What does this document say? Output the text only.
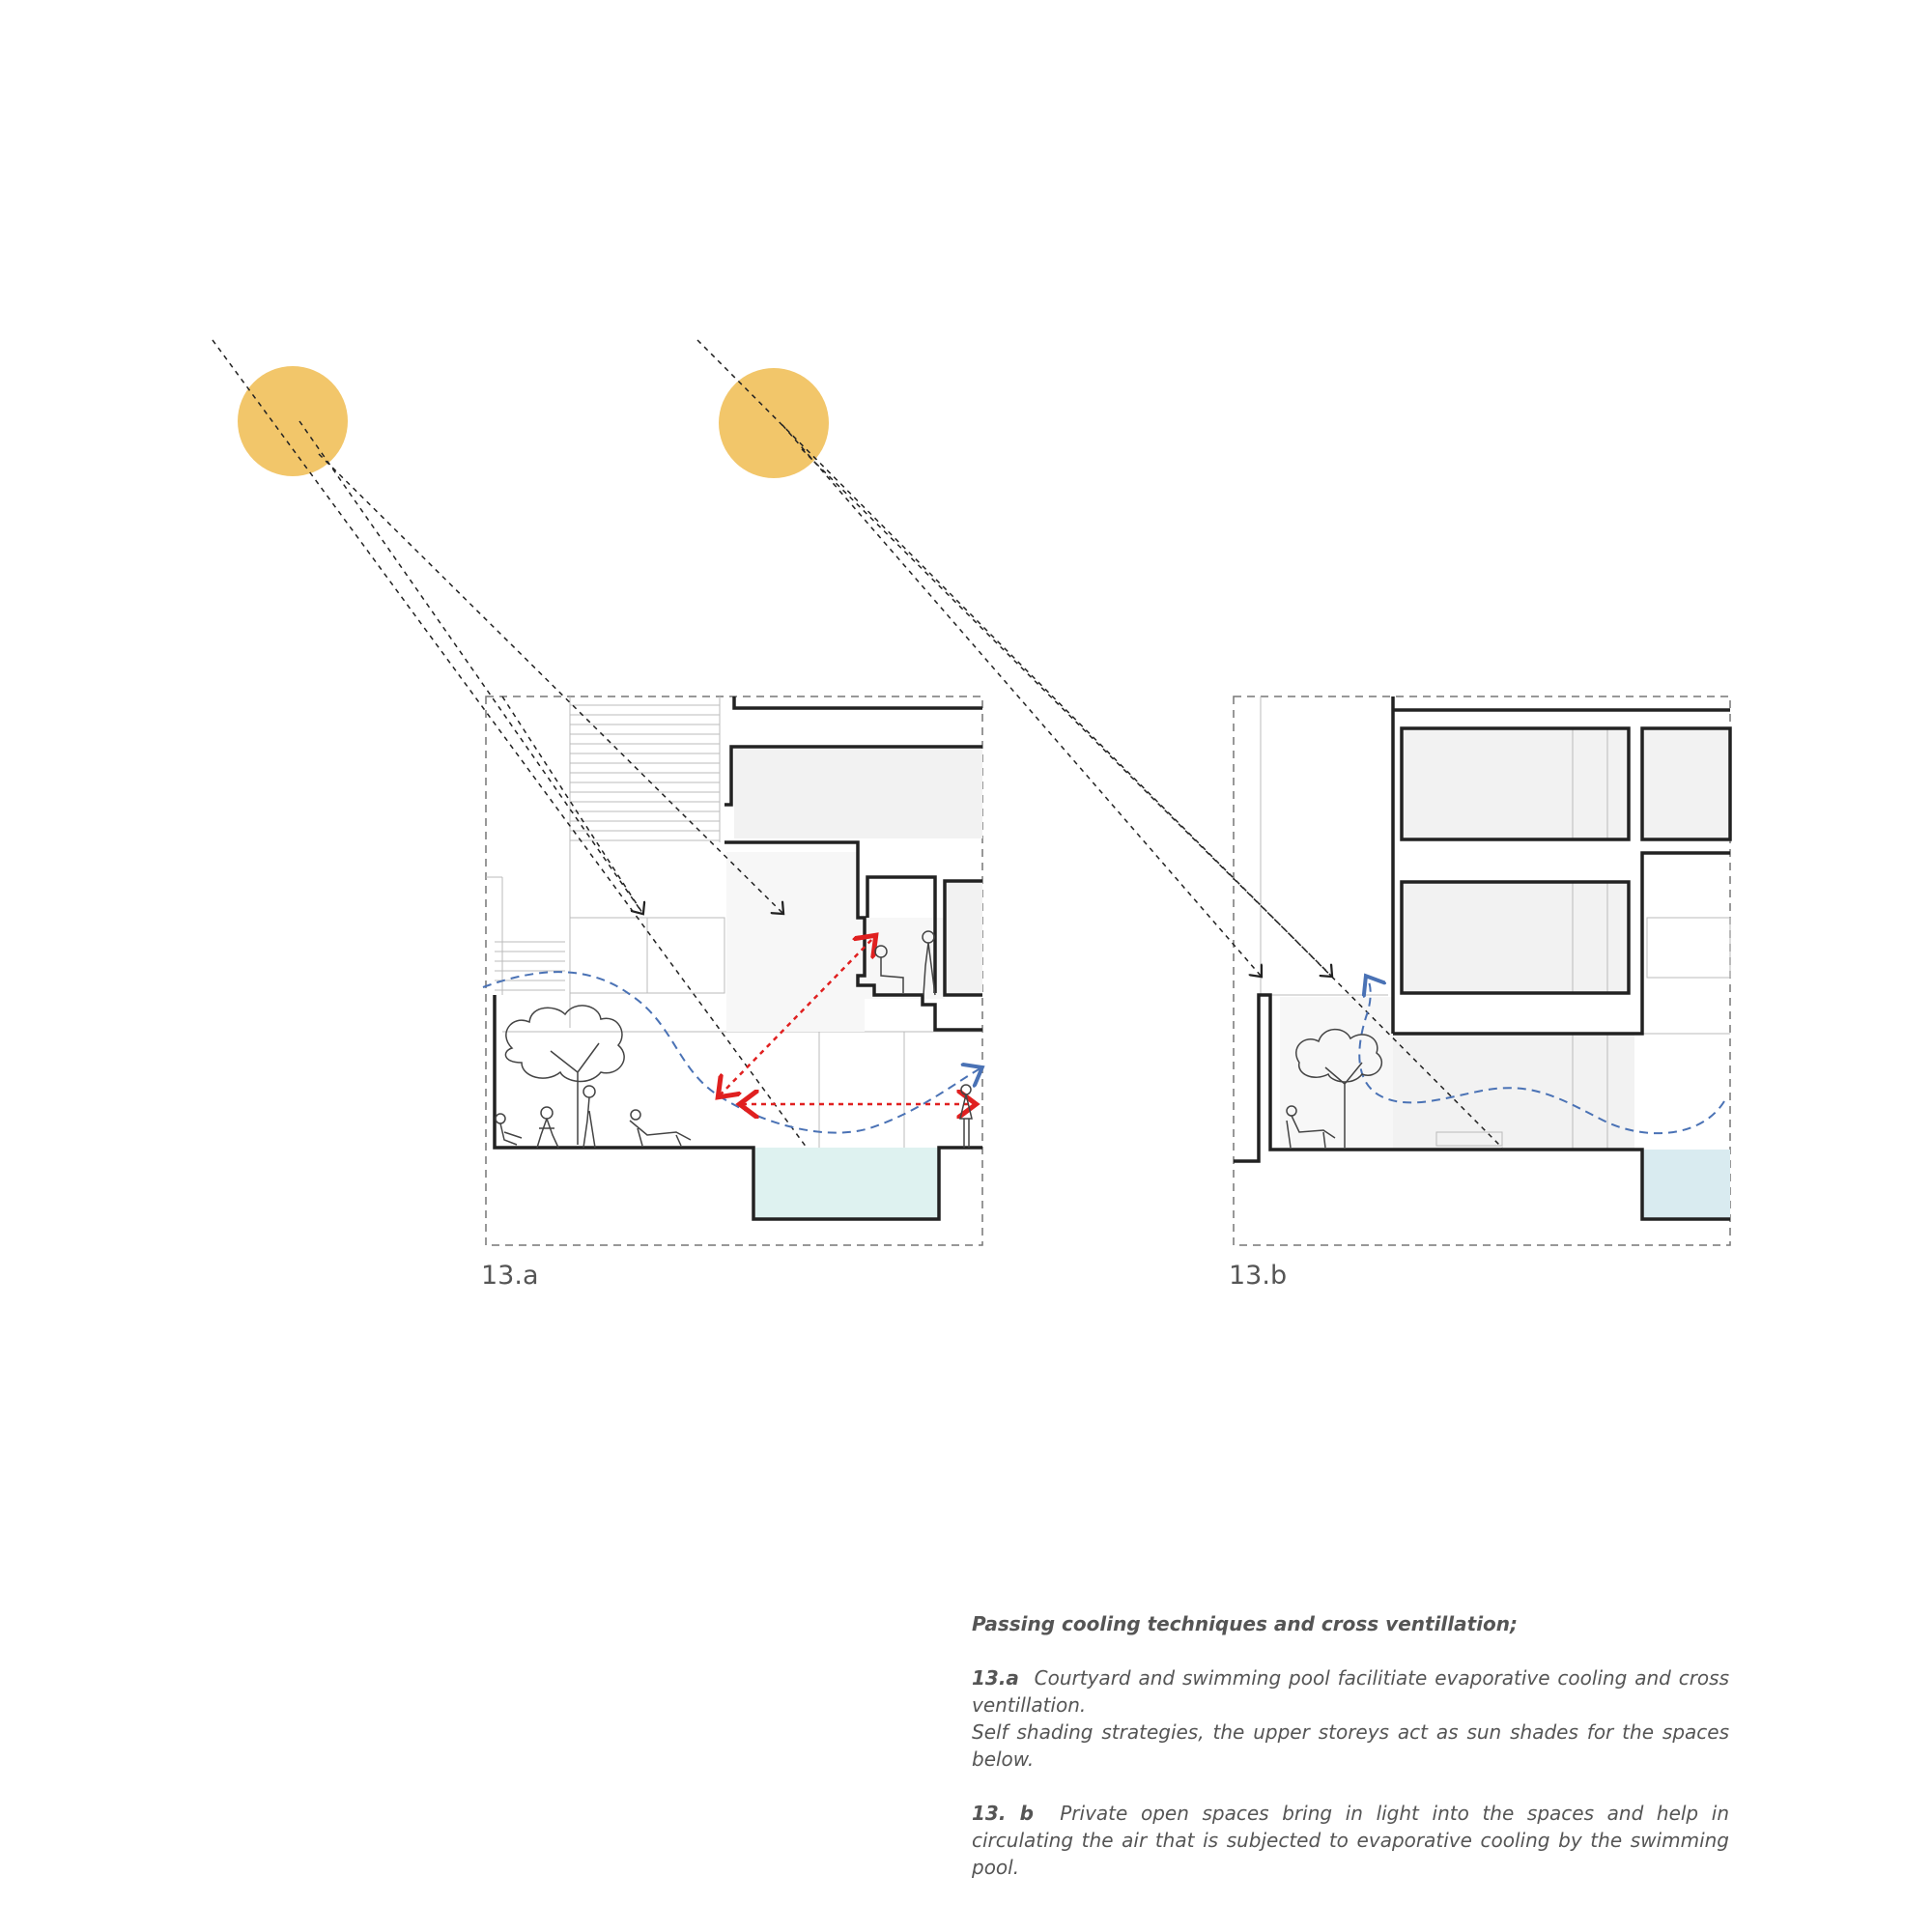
13.a	13.b

Passing cooling techniques and cross ventillation;

13.a Courtyard and swimming pool facilitiate evaporative cooling and cross ventillation.

Self shading strategies, the upper storeys act as sun shades for the spaces below.

13. b Private open spaces bring in light into the spaces and help in circulating the air that is subjected to evaporative cooling by the swimming pool.
